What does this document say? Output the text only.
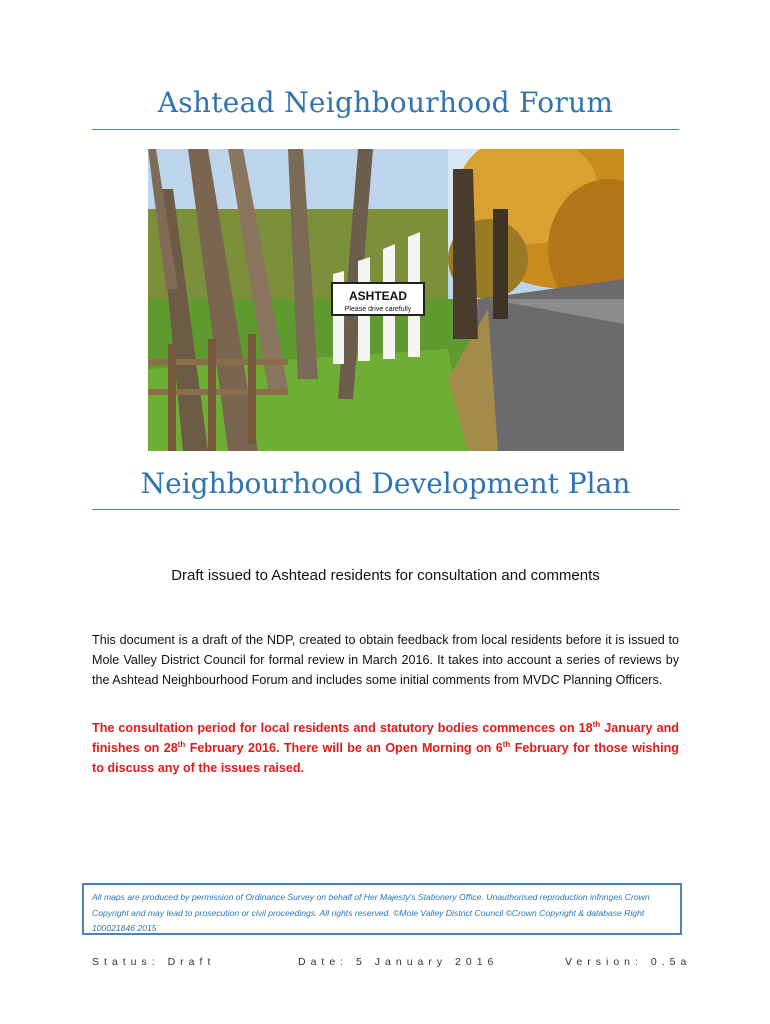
Ashtead Neighbourhood Forum
ASHTEAD
Please drive carefully
Neighbourhood Development Plan
Draft issued to Ashtead residents for consultation and comments
This document is a draft of the NDP, created to obtain feedback from local residents before it is issued to Mole Valley District Council for formal review in March 2016. It takes into account a series of reviews by the Ashtead Neighbourhood Forum and includes some initial comments from MVDC Planning Officers.
The consultation period for local residents and statutory bodies commences on 18th January and finishes on 28th February 2016. There will be an Open Morning on 6th February for those wishing to discuss any of the issues raised.
All maps are produced by permission of Ordinance Survey on behalf of Her Majesty's Stationery Office. Unauthorised reproduction infringes Crown Copyright and may lead to prosecution or civil proceedings. All rights reserved. ©Mole Valley District Council ©Crown Copyright & database Right 100021846 2015
Status: Draft	Date: 5 January 2016	Version: 0.5a
